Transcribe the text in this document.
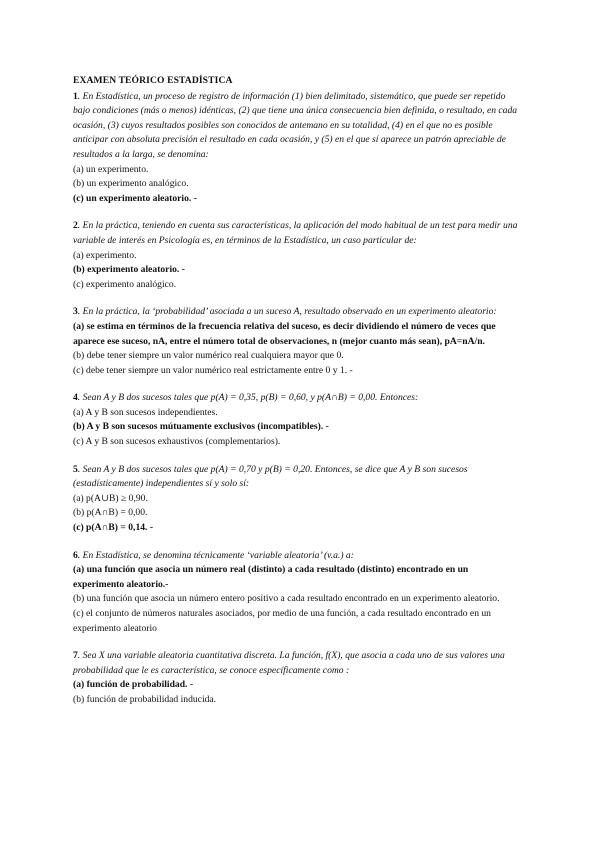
EXAMEN TEÓRICO ESTADÍSTICA
1. En Estadística, un proceso de registro de información (1) bien delimitado, sistemático, que puede ser repetido bajo condiciones (más o menos) idénticas, (2) que tiene una única consecuencia bien definida, o resultado, en cada ocasión, (3) cuyos resultados posibles son conocidos de antemano en su totalidad, (4) en el que no es posible anticipar con absoluta precisión el resultado en cada ocasión, y (5) en el que sí aparece un patrón apreciable de resultados a la larga, se denomina:
(a) un experimento.
(b) un experimento analógico.
(c) un experimento aleatorio. -
2. En la práctica, teniendo en cuenta sus características, la aplicación del modo habitual de un test para medir una variable de interés en Psicología es, en términos de la Estadística, un caso particular de:
(a) experimento.
(b) experimento aleatorio. -
(c) experimento analógico.
3. En la práctica, la ‘probabilidad’ asociada a un suceso A, resultado observado en un experimento aleatorio:
(a) se estima en términos de la frecuencia relativa del suceso, es decir dividiendo el número de veces que aparece ese suceso, nA, entre el número total de observaciones, n (mejor cuanto más sean), pA=nA/n.
(b) debe tener siempre un valor numérico real cualquiera mayor que 0.
(c) debe tener siempre un valor numérico real estrictamente entre 0 y 1. -
4. Sean A y B dos sucesos tales que p(A) = 0,35, p(B) = 0,60, y p(A∩B) = 0,00. Entonces:
(a) A y B son sucesos independientes.
(b) A y B son sucesos mútuamente exclusivos (incompatibles). -
(c) A y B son sucesos exhaustivos (complementarios).
5. Sean A y B dos sucesos tales que p(A) = 0,70 y p(B) = 0,20. Entonces, se dice que A y B son sucesos (estadísticamente) independientes sí y solo sí:
(a) p(A∪B) ≥ 0,90.
(b) p(A∩B) = 0,00.
(c) p(A∩B) = 0,14. -
6. En Estadística, se denomina técnicamente ‘variable aleatoria’ (v.a.) a:
(a) una función que asocia un número real (distinto) a cada resultado (distinto) encontrado en un experimento aleatorio.-
(b) una función que asocia un número entero positivo a cada resultado encontrado en un experimento aleatorio.
(c) el conjunto de números naturales asociados, por medio de una función, a cada resultado encontrado en un experimento aleatorio
7. Sea X una variable aleatoria cuantitativa discreta. La función, f(X), que asocia a cada uno de sus valores una probabilidad que le es característica, se conoce específicamente como :
(a) función de probabilidad. -
(b) función de probabilidad inducida.
